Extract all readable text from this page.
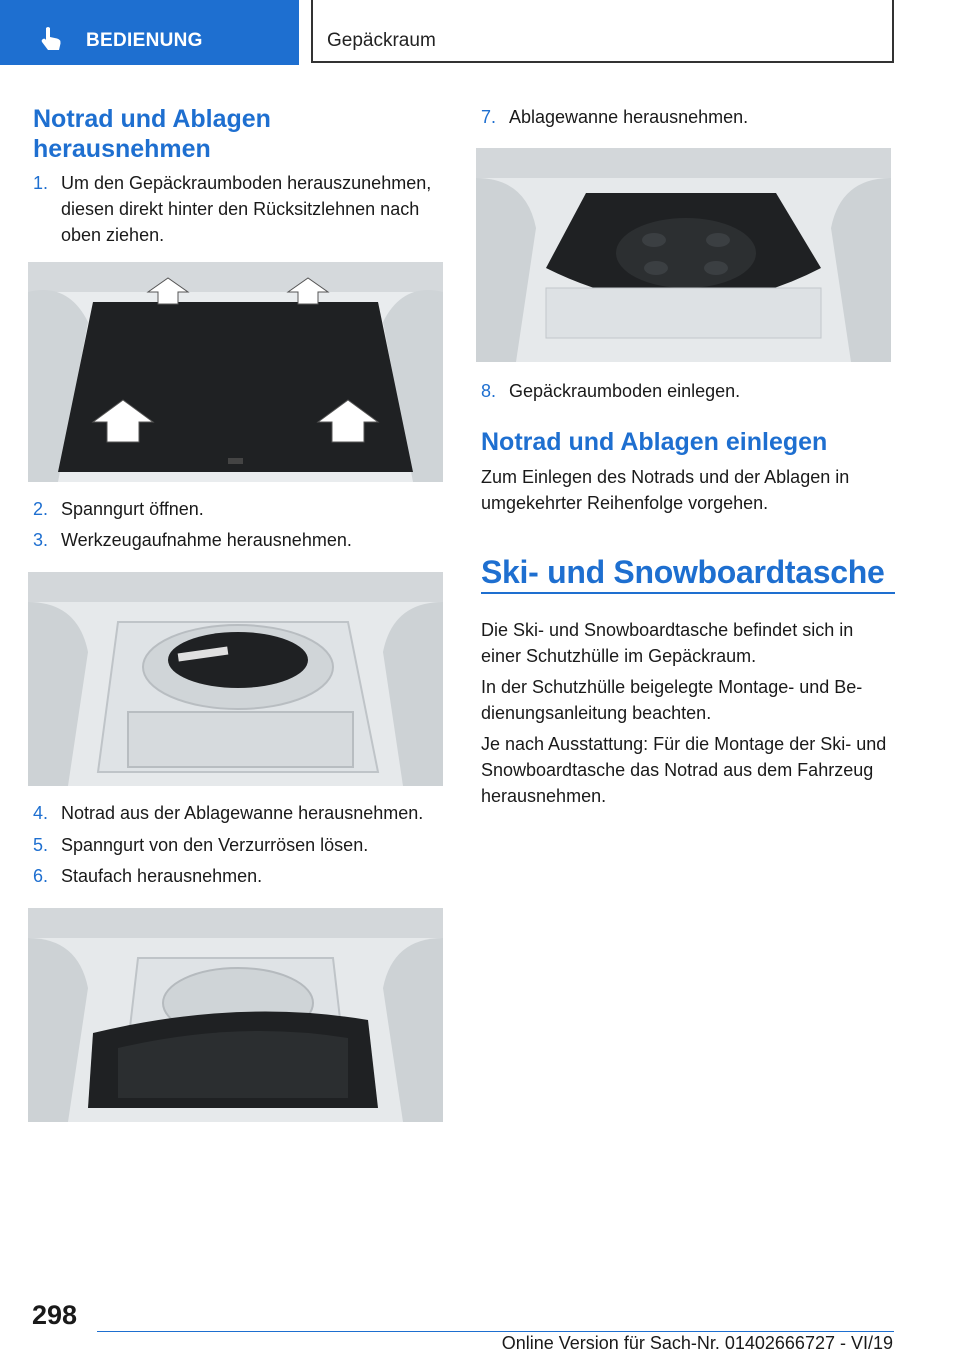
BEDIENUNG	Gepäckraum
Notrad und Ablagen herausnehmen
1. Um den Gepäckraumboden herauszunehmen, diesen direkt hinter den Rücksitzlehnen nach oben ziehen.
2. Spanngurt öffnen.
3. Werkzeugaufnahme herausnehmen.
4. Notrad aus der Ablagewanne herausnehmen.
5. Spanngurt von den Verzurrösen lösen.
6. Staufach herausnehmen.
7. Ablagewanne herausnehmen.
8. Gepäckraumboden einlegen.
Notrad und Ablagen einlegen

Zum Einlegen des Notrads und der Ablagen in umgekehrter Reihenfolge vorgehen.

Ski- und Snowboardtasche

Die Ski- und Snowboardtasche befindet sich in einer Schutzhülle im Gepäckraum.

In der Schutzhülle beigelegte Montage- und Bedienungsanleitung beachten.

Je nach Ausstattung: Für die Montage der Ski- und Snowboardtasche das Notrad aus dem Fahrzeug herausnehmen.

298
Online Version für Sach-Nr. 01402666727 - VI/19
